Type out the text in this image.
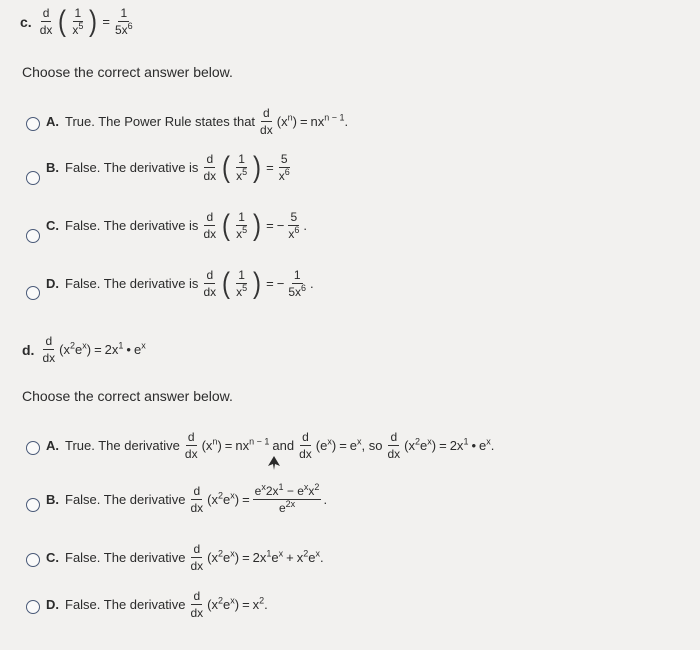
c. $\frac{d}{dx}$ ( $\frac{1}{x^5}$ ) = $\frac{1}{5x^6}$
Choose the correct answer below.
A. True. The Power Rule states that $\frac{d}{dx} (x^n) = nx^{n - 1}$ .
B. False. The derivative is $\frac{d}{dx}$ ( $\frac{1}{x^5}$ ) = $\frac{5}{x^6}$
C. False. The derivative is $\frac{d}{dx}$ ( $\frac{1}{x^5}$ ) = − $\frac{5}{x^6}$ .
D. False. The derivative is $\frac{d}{dx}$ ( $\frac{1}{x^5}$ ) = − $\frac{1}{5x^6}$ .
d. $\frac{d}{dx} (x^2e^x) = 2x^1$ • $e^x$
Choose the correct answer below.
A. True. The derivative $\frac{d}{dx} (x^n) = nx^{n - 1}$ and $\frac{d}{dx} (e^x) = e^x$ , so $\frac{d}{dx} (x^2e^x) = 2x^1$ • $e^x$ .
B. False. The derivative $\frac{d}{dx} (x^2e^x) = \frac{e^x2x^1 - e^xx^2}{e^{2x}}$ .
C. False. The derivative $\frac{d}{dx} (x^2e^x) = 2x^1e^x + x^2e^x$ .
D. False. The derivative $\frac{d}{dx} (x^2e^x) = x^2$ .
